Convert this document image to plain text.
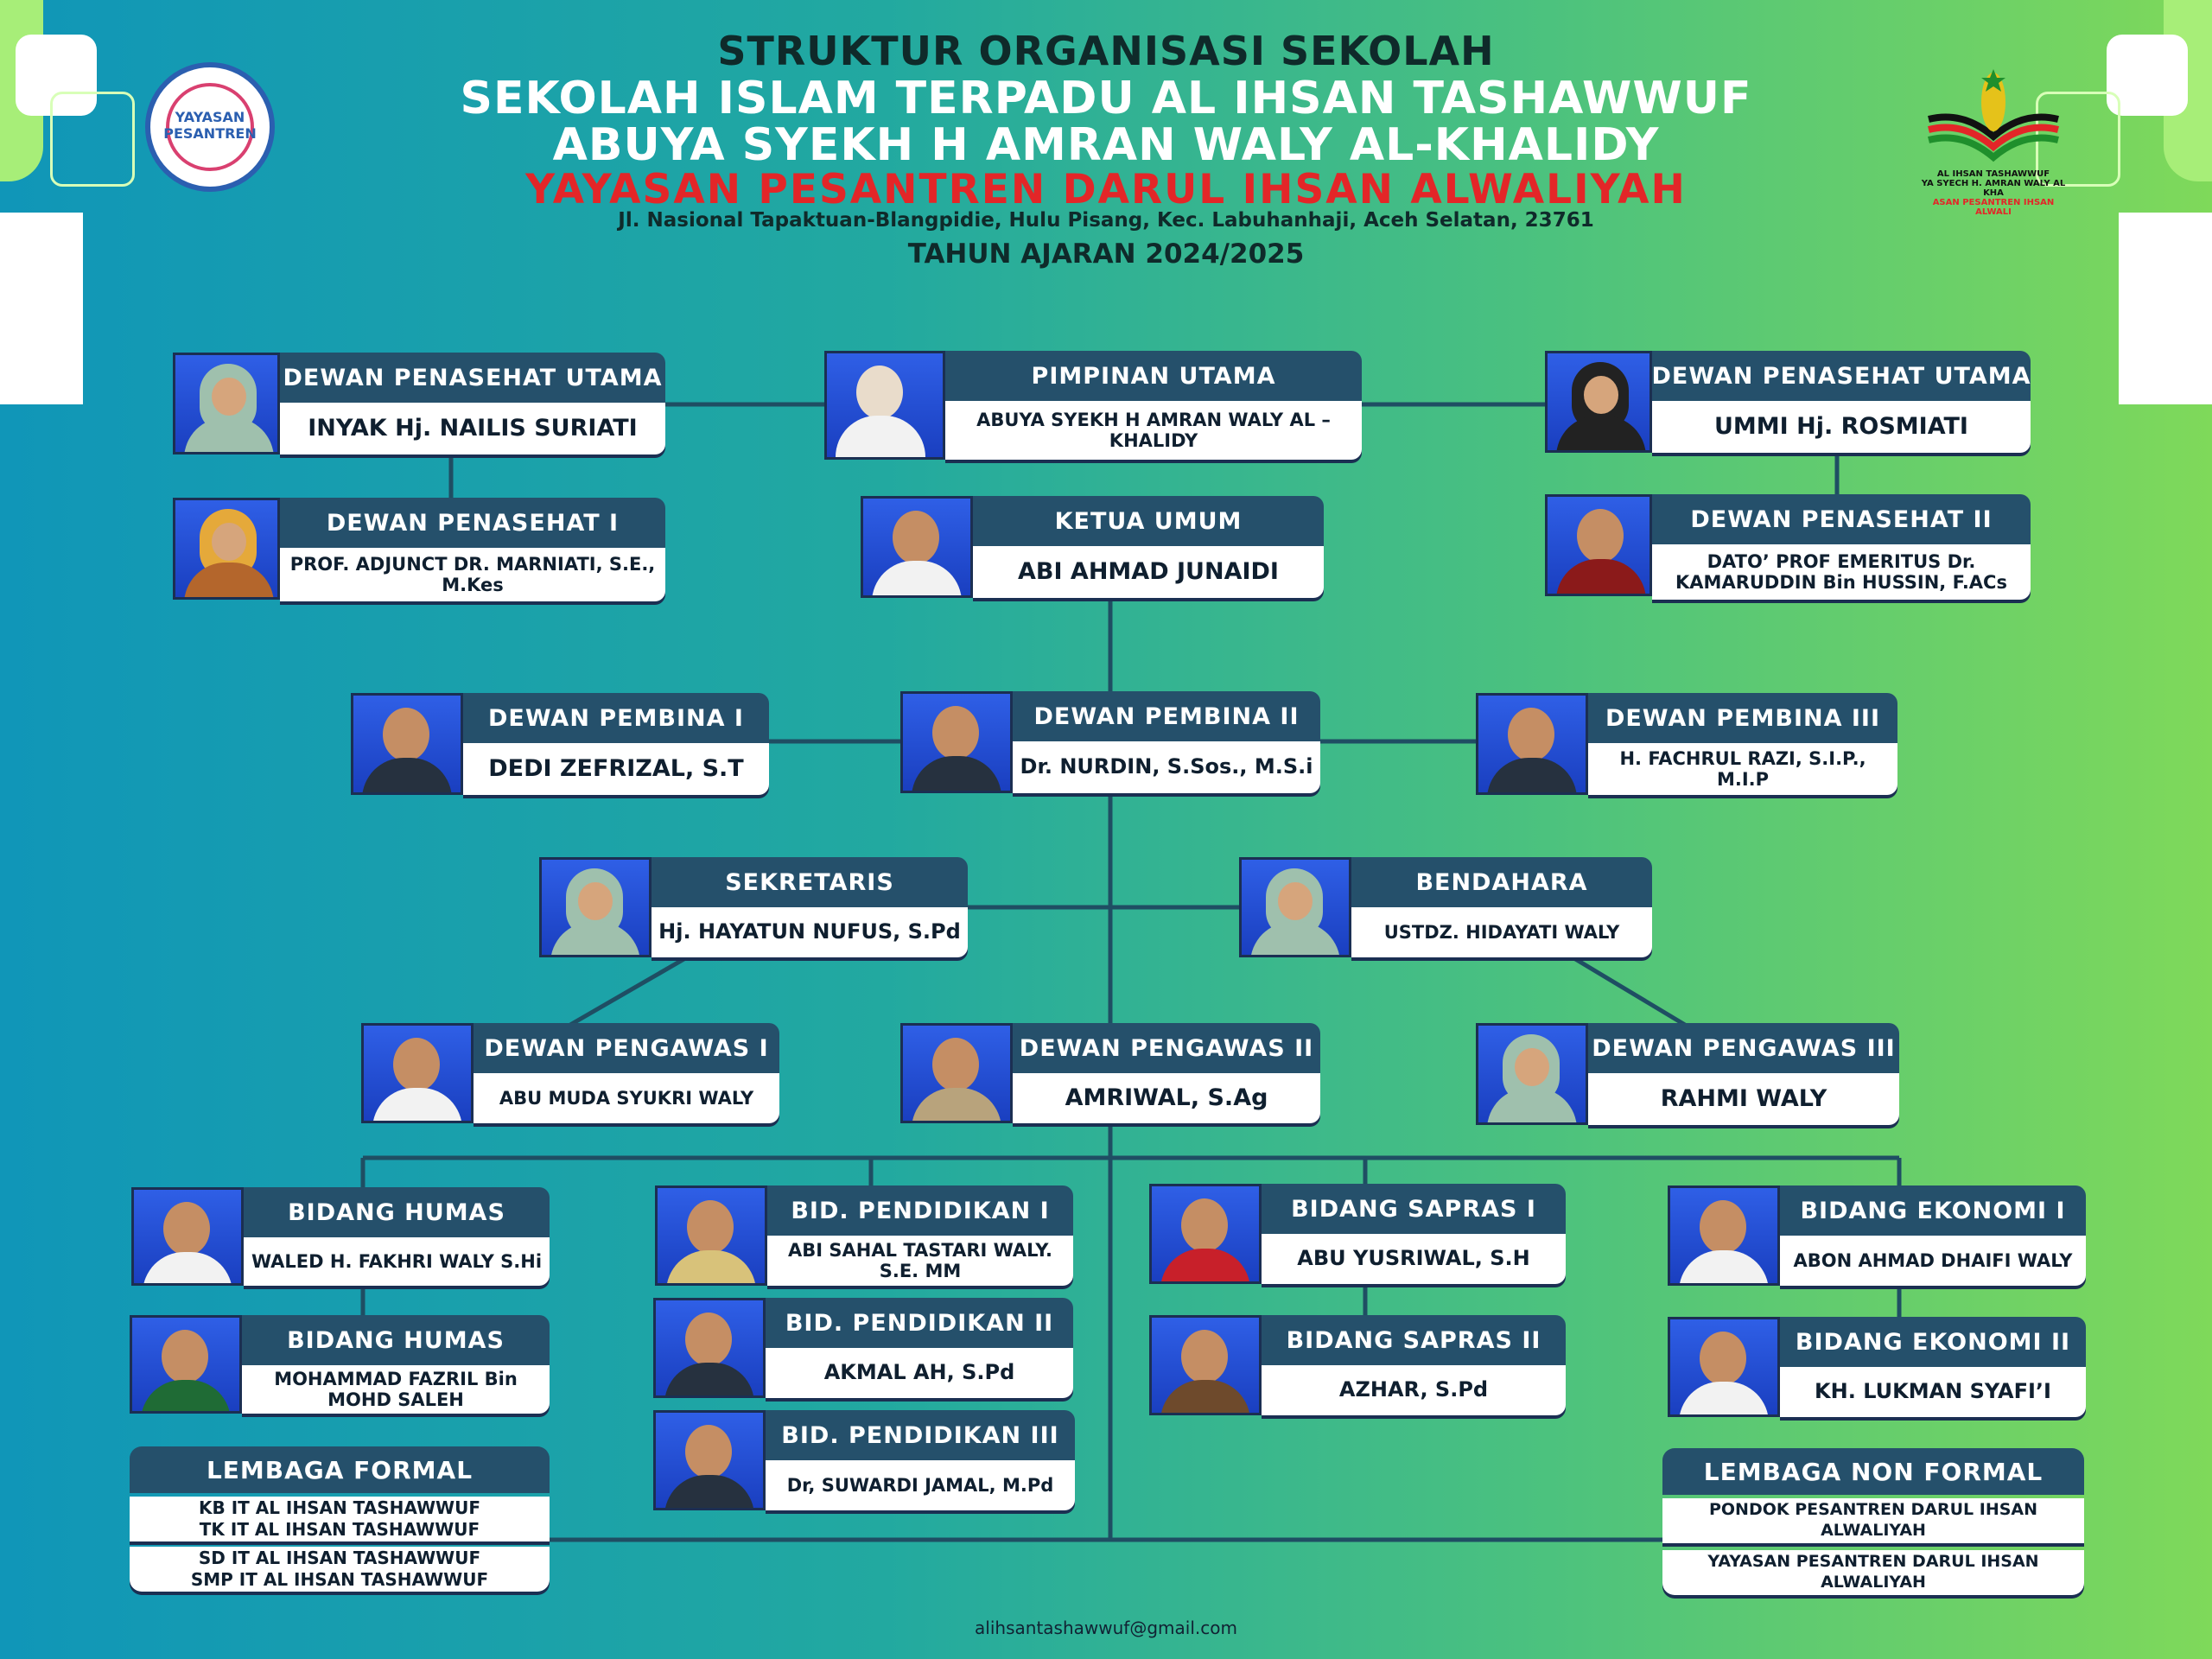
YAYASAN PESANTREN
AL IHSAN TASHAWWUF
YA SYECH H. AMRAN WALY AL KHA
ASAN PESANTREN IHSAN ALWALI
STRUKTUR ORGANISASI SEKOLAH
SEKOLAH ISLAM TERPADU AL IHSAN TASHAWWUF
ABUYA SYEKH H AMRAN WALY AL-KHALIDY
YAYASAN PESANTREN DARUL IHSAN ALWALIYAH
Jl. Nasional Tapaktuan-Blangpidie, Hulu Pisang, Kec. Labuhanhaji, Aceh Selatan, 23761
TAHUN AJARAN 2024/2025
DEWAN PENASEHAT UTAMA
INYAK Hj. NAILIS SURIATI
PIMPINAN UTAMA
ABUYA SYEKH H AMRAN WALY AL – KHALIDY
DEWAN PENASEHAT UTAMA
UMMI Hj. ROSMIATI
DEWAN PENASEHAT I
PROF. ADJUNCT DR. MARNIATI, S.E., M.Kes
KETUA UMUM
ABI AHMAD JUNAIDI
DEWAN PENASEHAT II
DATO’ PROF EMERITUS Dr. KAMARUDDIN Bin HUSSIN, F.ACs
DEWAN PEMBINA I
DEDI ZEFRIZAL, S.T
DEWAN PEMBINA II
Dr. NURDIN, S.Sos., M.S.i
DEWAN PEMBINA III
H. FACHRUL RAZI, S.I.P., M.I.P
SEKRETARIS
Hj. HAYATUN NUFUS, S.Pd
BENDAHARA
USTDZ. HIDAYATI WALY
DEWAN PENGAWAS I
ABU MUDA SYUKRI WALY
DEWAN PENGAWAS II
AMRIWAL, S.Ag
DEWAN PENGAWAS III
RAHMI WALY
BIDANG HUMAS
WALED H. FAKHRI WALY S.Hi
BIDANG HUMAS
MOHAMMAD FAZRIL Bin MOHD SALEH
BID. PENDIDIKAN I
ABI SAHAL TASTARI WALY. S.E. MM
BID. PENDIDIKAN II
AKMAL AH, S.Pd
BID. PENDIDIKAN III
Dr, SUWARDI JAMAL, M.Pd
BIDANG SAPRAS I
ABU YUSRIWAL, S.H
BIDANG SAPRAS II
AZHAR, S.Pd
BIDANG EKONOMI I
ABON AHMAD DHAIFI WALY
BIDANG EKONOMI II
KH. LUKMAN SYAFI’I
LEMBAGA FORMAL
KB IT AL IHSAN TASHAWWUF
TK IT AL IHSAN TASHAWWUF
SD IT AL IHSAN TASHAWWUF
SMP IT AL IHSAN TASHAWWUF
LEMBAGA NON FORMAL
PONDOK PESANTREN DARUL IHSAN ALWALIYAH
YAYASAN PESANTREN DARUL IHSAN ALWALIYAH
alihsantashawwuf@gmail.com
